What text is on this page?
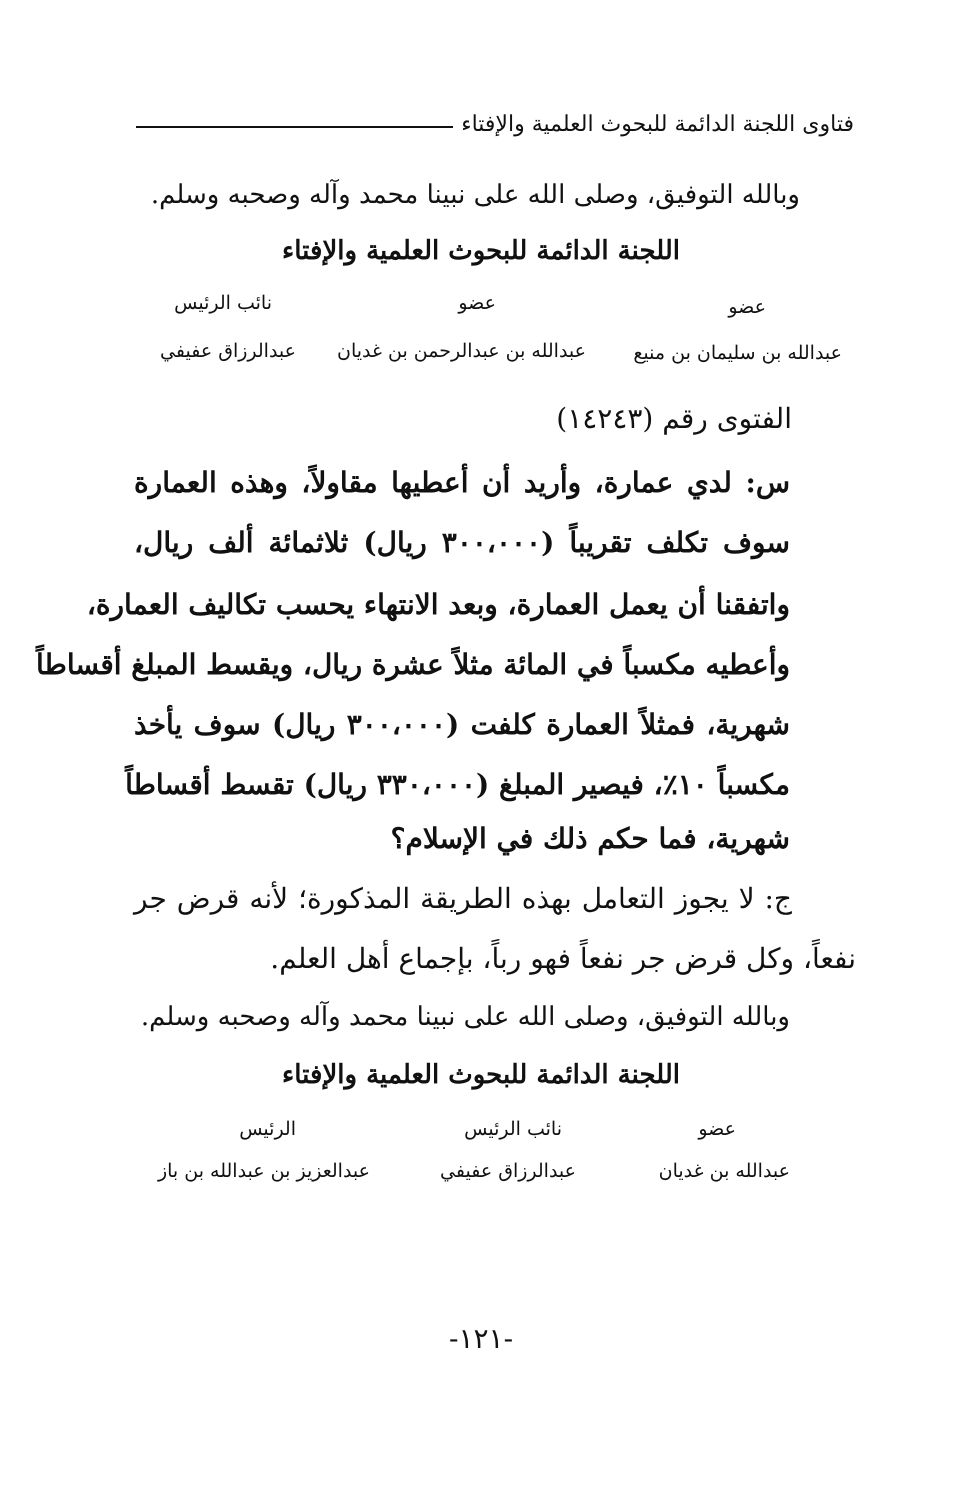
فتاوى اللجنة الدائمة للبحوث العلمية والإفتاء
وبالله التوفيق، وصلى الله على نبينا محمد وآله وصحبه وسلم.
اللجنة الدائمة للبحوث العلمية والإفتاء
عضو
عبدالله بن سليمان بن منيع
عضو
عبدالله بن عبدالرحمن بن غديان
نائب الرئيس
عبدالرزاق عفيفي
الفتوى رقم (١٤٢٤٣)
س: لدي عمارة، وأريد أن أعطيها مقاولاً، وهذه العمارة
سوف تكلف تقريباً (٣٠٠،٠٠٠ ريال) ثلاثمائة ألف ريال،
واتفقنا أن يعمل العمارة، وبعد الانتهاء يحسب تكاليف العمارة،
وأعطيه مكسباً في المائة مثلاً عشرة ريال، ويقسط المبلغ أقساطاً
شهرية، فمثلاً العمارة كلفت (٣٠٠،٠٠٠ ريال) سوف يأخذ
مكسباً ١٠٪، فيصير المبلغ (٣٣٠،٠٠٠ ريال) تقسط أقساطاً
شهرية، فما حكم ذلك في الإسلام؟
ج: لا يجوز التعامل بهذه الطريقة المذكورة؛ لأنه قرض جر
نفعاً، وكل قرض جر نفعاً فهو رباً، بإجماع أهل العلم.
وبالله التوفيق، وصلى الله على نبينا محمد وآله وصحبه وسلم.
اللجنة الدائمة للبحوث العلمية والإفتاء
عضو
عبدالله بن غديان
نائب الرئيس
عبدالرزاق عفيفي
الرئيس
عبدالعزيز بن عبدالله بن باز
-١٢١-
